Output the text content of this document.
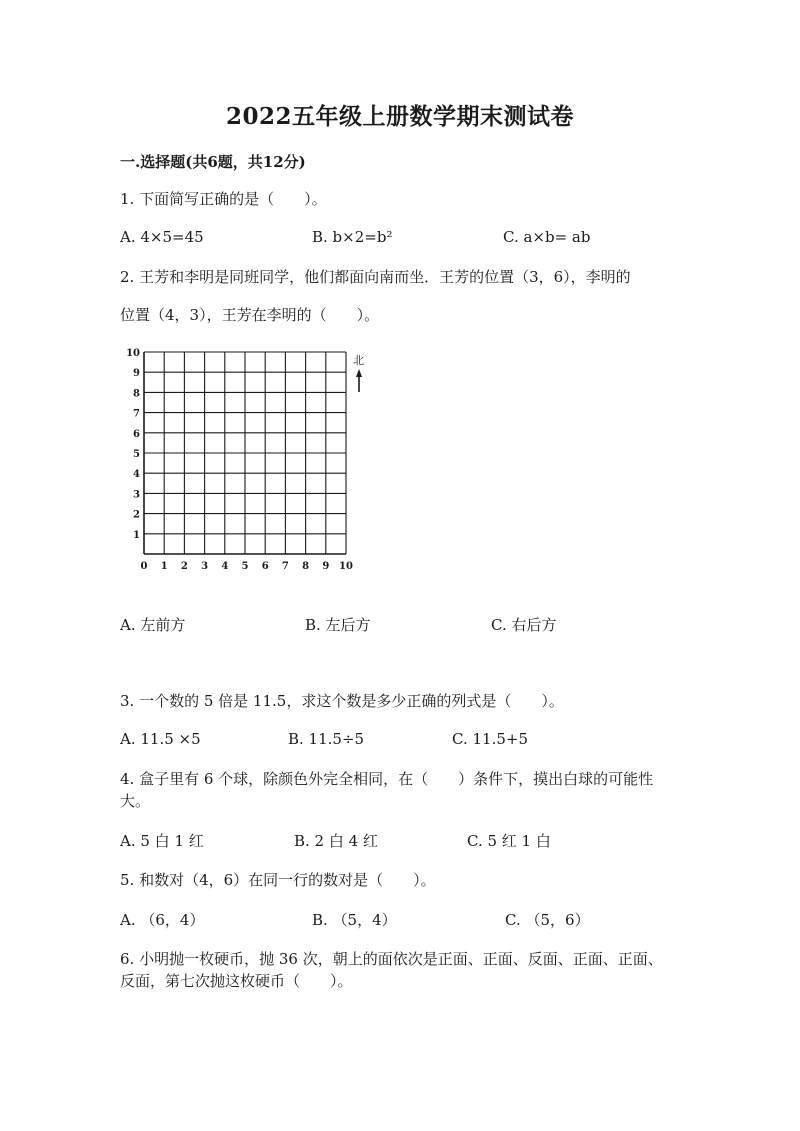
2022五年级上册数学期末测试卷
一.选择题(共6题，共12分)
1. 下面简写正确的是（　　）。
A. 4×5=45	B. b×2=b²	C. a×b= ab
2. 王芳和李明是同班同学，他们都面向南而坐．王芳的位置（3，6），李明的
位置（4，3），王芳在李明的（　　）。
0 1 2 3 4 5 6 7 8 9 10
1
2
3
4
5
6
7
8
9
10
北
A. 左前方	B. 左后方	C. 右后方
3. 一个数的 5 倍是 11.5，求这个数是多少正确的列式是（　　）。
A. 11.5 ×5	B. 11.5÷5	C. 11.5+5
4. 盒子里有 6 个球，除颜色外完全相同，在（　　）条件下，摸出白球的可能性大。
A. 5 白 1 红	B. 2 白 4 红	C. 5 红 1 白
5. 和数对（4，6）在同一行的数对是（　　）。
A. （6，4）	B. （5，4）	C. （5，6）
6. 小明抛一枚硬币，抛 36 次，朝上的面依次是正面、正面、反面、正面、正面、反面，第七次抛这枚硬币（　　）。
